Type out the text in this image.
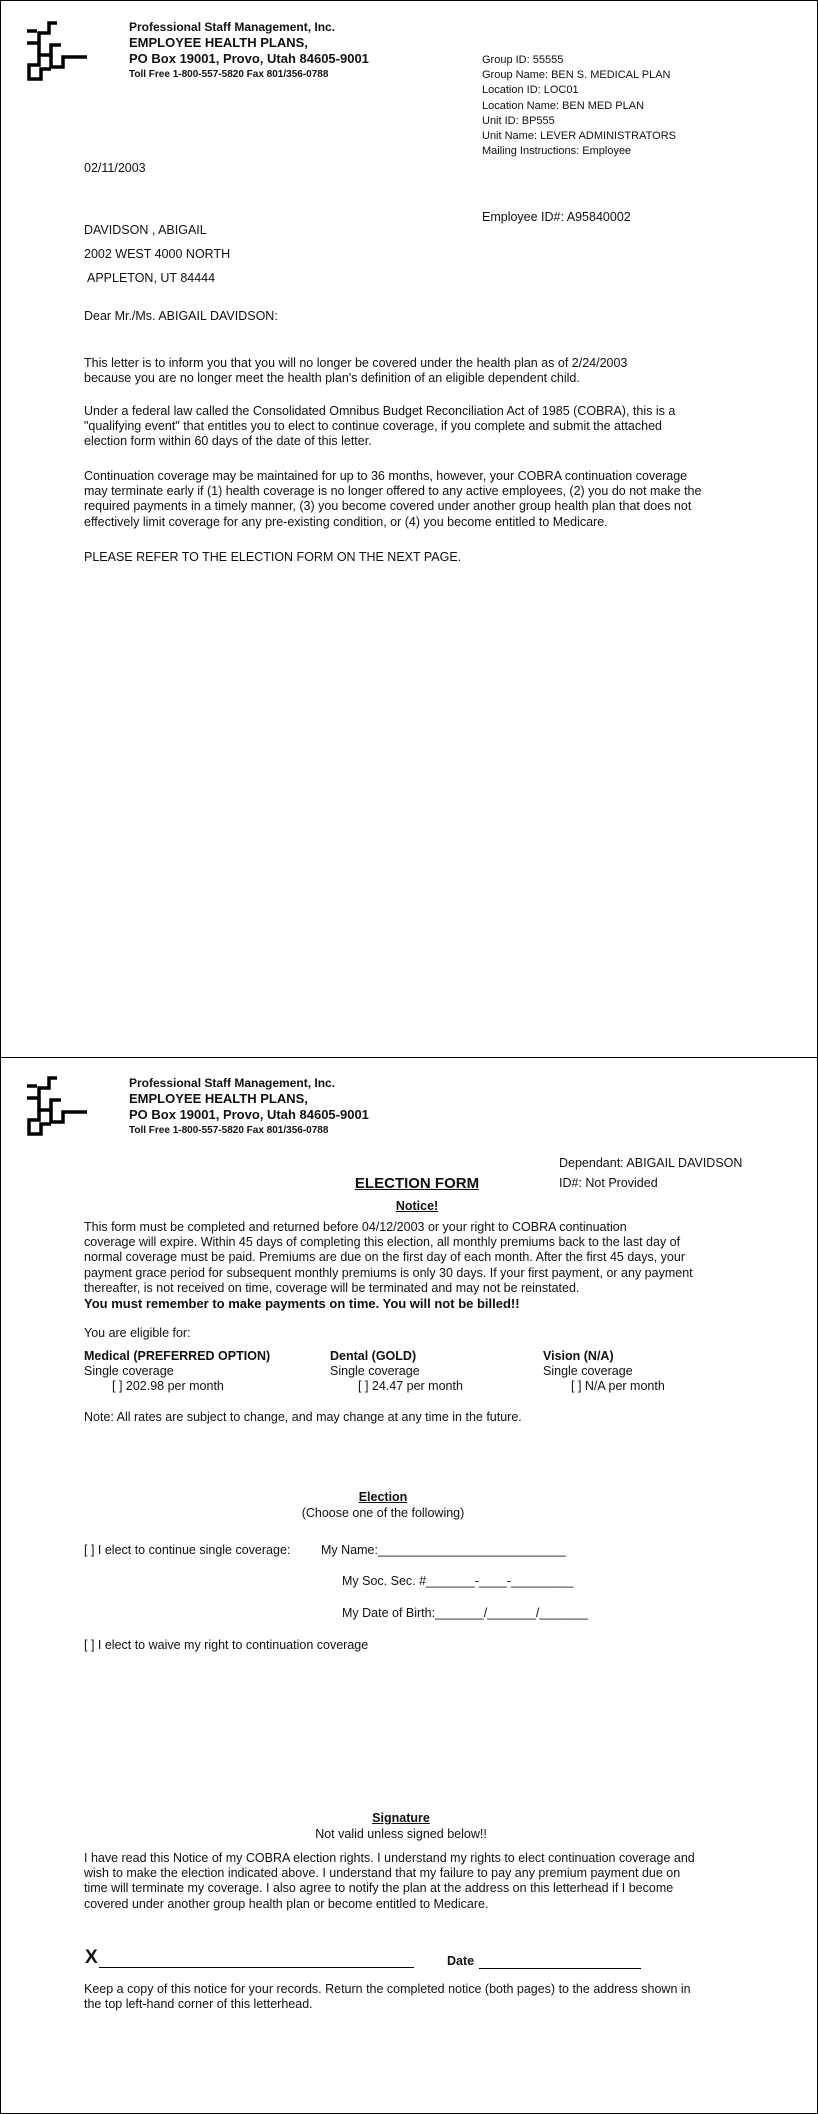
Professional Staff Management, Inc.
EMPLOYEE HEALTH PLANS,
PO Box 19001, Provo, Utah 84605-9001
Toll Free 1-800-557-5820 Fax 801/356-0788
Group ID: 55555
Group Name: BEN S. MEDICAL PLAN
Location ID: LOC01
Location Name: BEN MED PLAN
Unit ID: BP555
Unit Name: LEVER ADMINISTRATORS
Mailing Instructions: Employee
02/11/2003
Employee ID#: A95840002
DAVIDSON , ABIGAIL
2002 WEST 4000 NORTH
APPLETON, UT 84444
Dear Mr./Ms. ABIGAIL DAVIDSON:
This letter is to inform you that you will no longer be covered under the health plan as of 2/24/2003
because you are no longer meet the health plan's definition of an eligible dependent child.
Under a federal law called the Consolidated Omnibus Budget Reconciliation Act of 1985 (COBRA), this is a
"qualifying event" that entitles you to elect to continue coverage, if you complete and submit the attached
election form within 60 days of the date of this letter.
Continuation coverage may be maintained for up to 36 months, however, your COBRA continuation coverage
may terminate early if (1) health coverage is no longer offered to any active employees, (2) you do not make the
required payments in a timely manner, (3) you become covered under another group health plan that does not
effectively limit coverage for any pre-existing condition, or (4) you become entitled to Medicare.
PLEASE REFER TO THE ELECTION FORM ON THE NEXT PAGE.
Professional Staff Management, Inc.
EMPLOYEE HEALTH PLANS,
PO Box 19001, Provo, Utah 84605-9001
Toll Free 1-800-557-5820 Fax 801/356-0788
Dependant: ABIGAIL DAVIDSON
ID#: Not Provided
ELECTION FORM
Notice!
This form must be completed and returned before 04/12/2003 or your right to COBRA continuation
coverage will expire. Within 45 days of completing this election, all monthly premiums back to the last day of
normal coverage must be paid. Premiums are due on the first day of each month. After the first 45 days, your
payment grace period for subsequent monthly premiums is only 30 days. If your first payment, or any payment
thereafter, is not received on time, coverage will be terminated and may not be reinstated.
You must remember to make payments on time. You will not be billed!!
You are eligible for:
Medical (PREFERRED OPTION)
Single coverage
[ ] 202.98 per month
Dental (GOLD)
Single coverage
[ ] 24.47 per month
Vision (N/A)
Single coverage
[ ] N/A per month
Note: All rates are subject to change, and may change at any time in the future.
Election
(Choose one of the following)
[ ] I elect to continue single coverage: My Name:___________________________
My Soc. Sec. #_______-____-_________
My Date of Birth:_______/_______/_______
[ ] I elect to waive my right to continuation coverage
Signature
Not valid unless signed below!!
I have read this Notice of my COBRA election rights. I understand my rights to elect continuation coverage and
wish to make the election indicated above. I understand that my failure to pay any premium payment due on
time will terminate my coverage. I also agree to notify the plan at the address on this letterhead if I become
covered under another group health plan or become entitled to Medicare.
X	Date
Keep a copy of this notice for your records. Return the completed notice (both pages) to the address shown in
the top left-hand corner of this letterhead.
